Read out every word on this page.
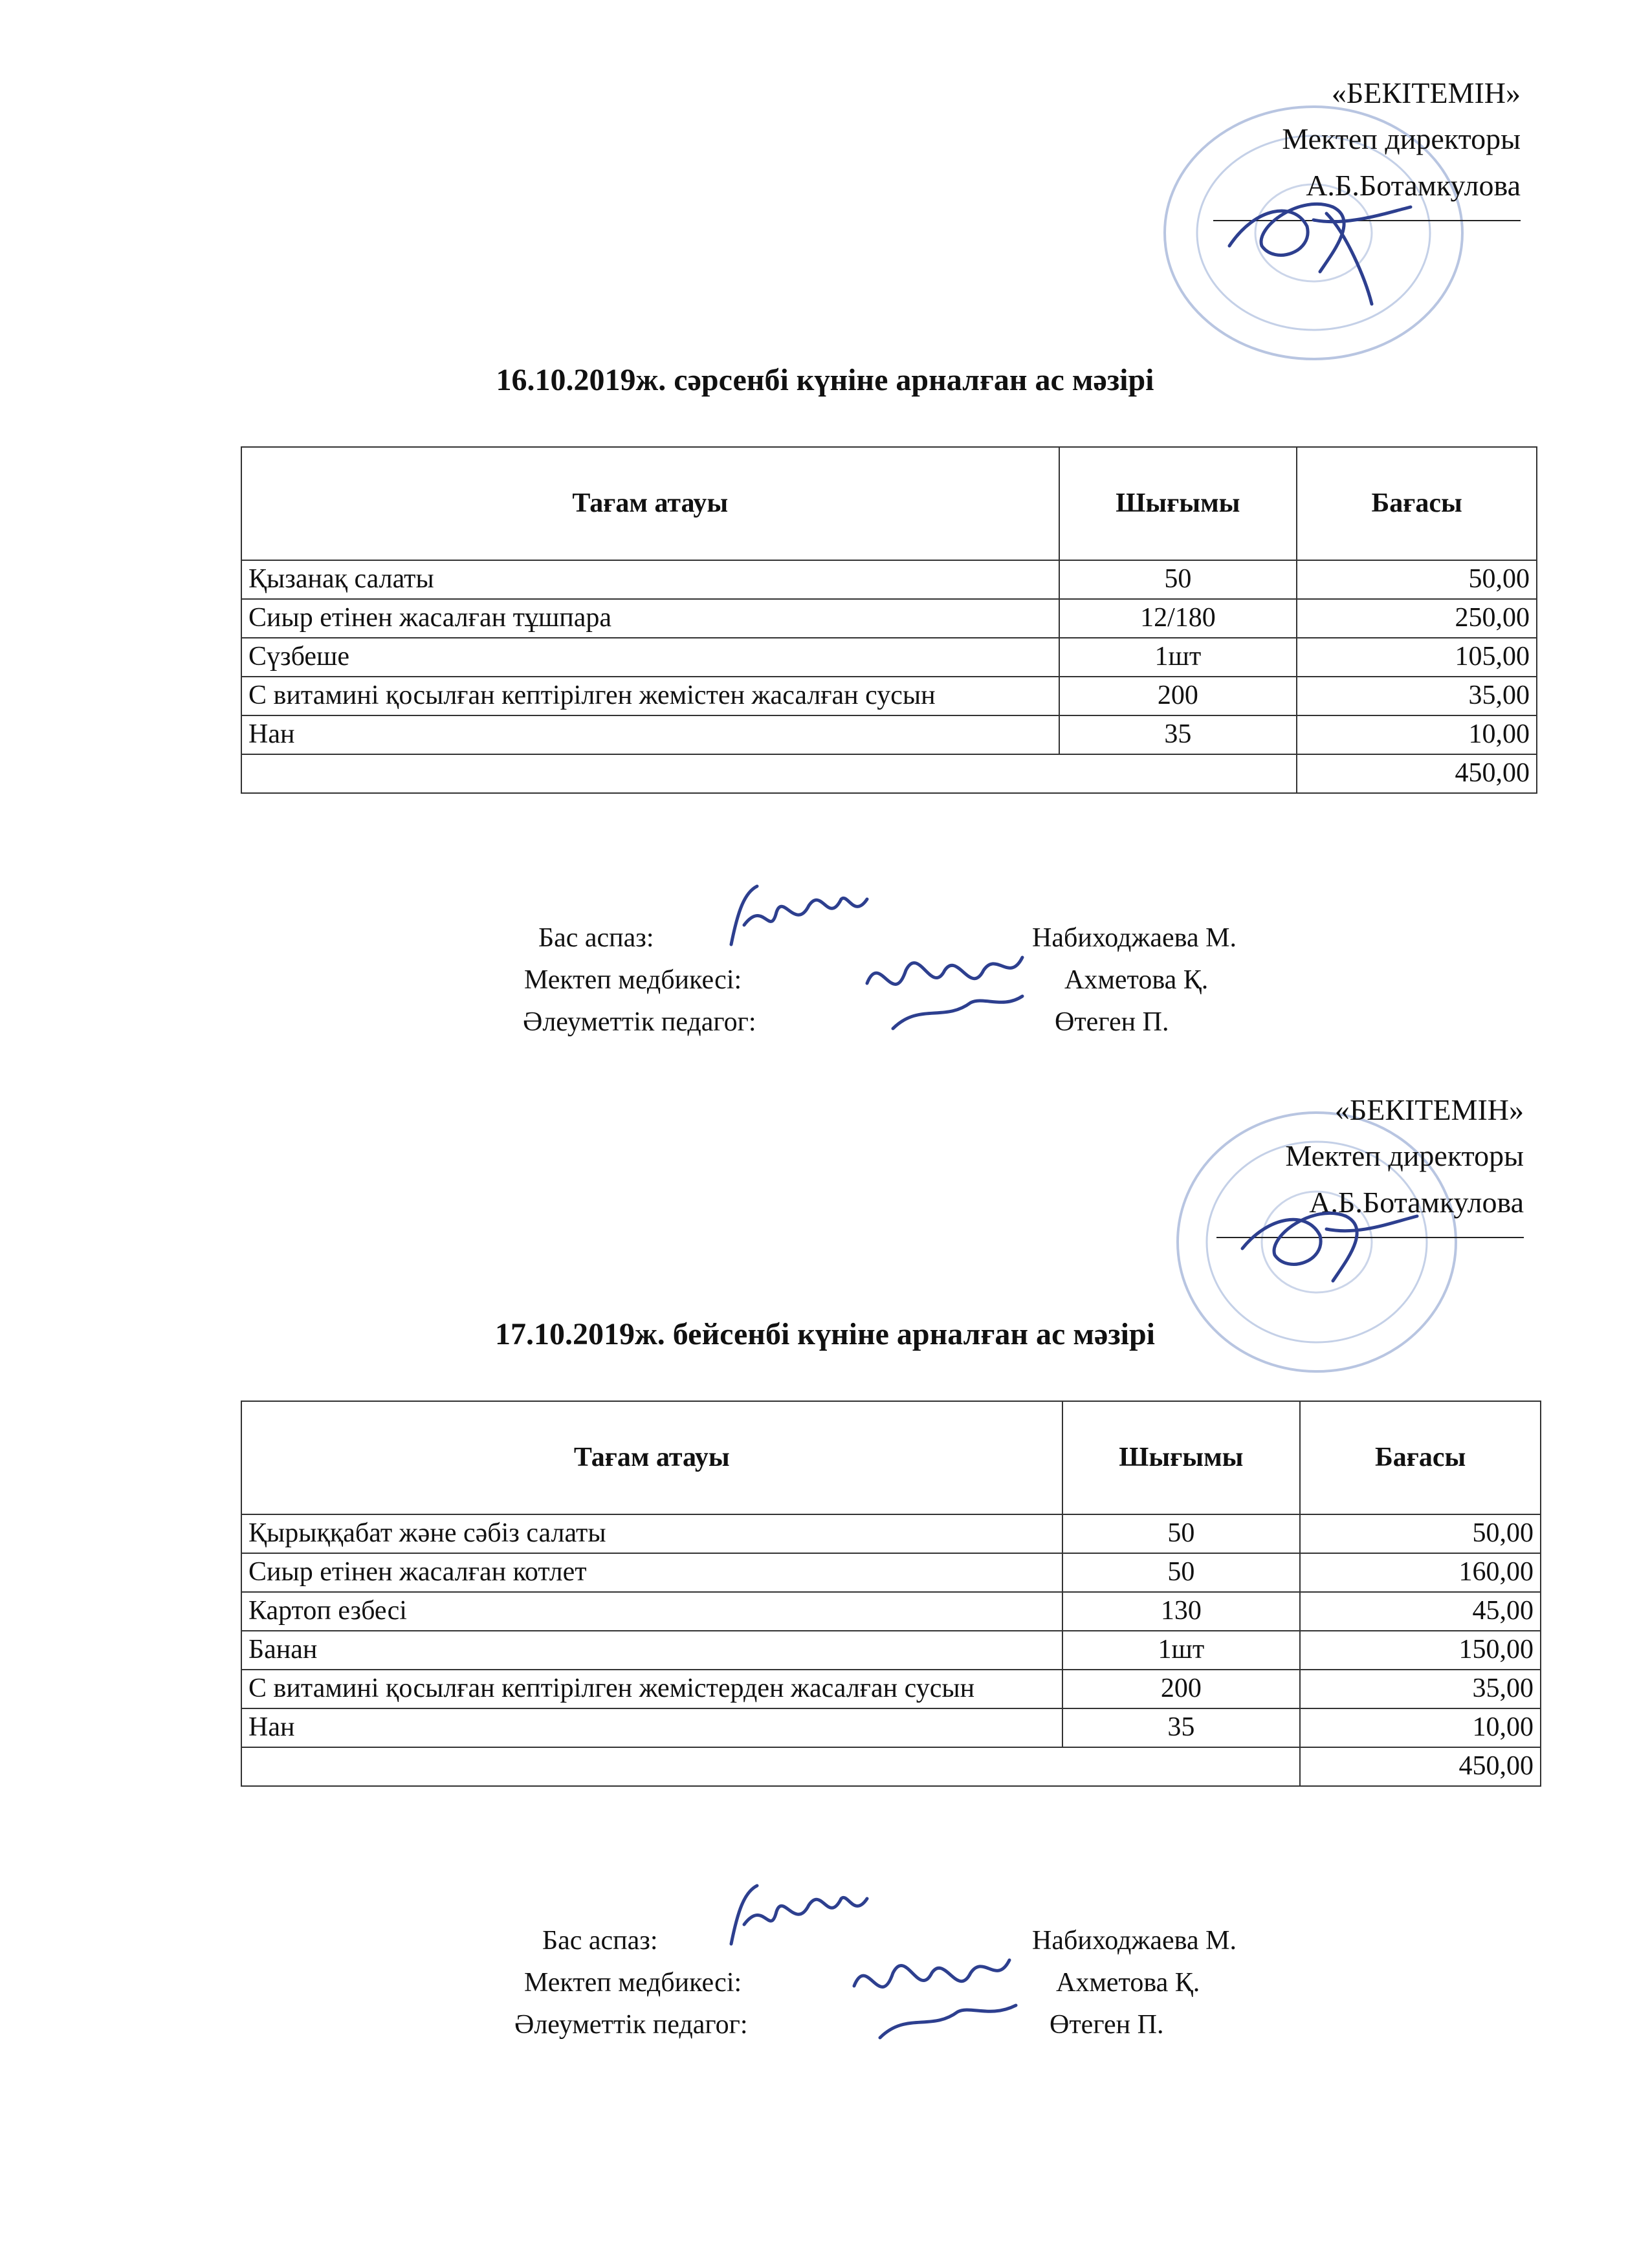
«БЕКІТЕМІН»
Мектеп директоры
А.Б.Ботамкулова
16.10.2019ж. сәрсенбі күніне арналған ас мәзірі
Тағам атауы	Шығымы	Бағасы
Қызанақ салаты	50	50,00
Сиыр етінен жасалған тұшпара	12/180	250,00
Сүзбеше	1шт	105,00
С витамині қосылған кептірілген жемістен жасалған сусын	200	35,00
Нан	35	10,00
		450,00
Бас аспаз:	Набиходжаева М.
Мектеп медбикесі:	Ахметова Қ.
Әлеуметтік педагог:	Өтеген П.
«БЕКІТЕМІН»
Мектеп директоры
А.Б.Ботамкулова
17.10.2019ж. бейсенбі күніне арналған ас мәзірі
Тағам атауы	Шығымы	Бағасы
Қырыққабат және сәбіз салаты	50	50,00
Сиыр етінен жасалған котлет	50	160,00
Картоп езбесі	130	45,00
Банан	1шт	150,00
С витамині қосылған кептірілген жемістерден жасалған сусын	200	35,00
Нан	35	10,00
		450,00
Бас аспаз:	Набиходжаева М.
Мектеп медбикесі:	Ахметова Қ.
Әлеуметтік педагог:	Өтеген П.
